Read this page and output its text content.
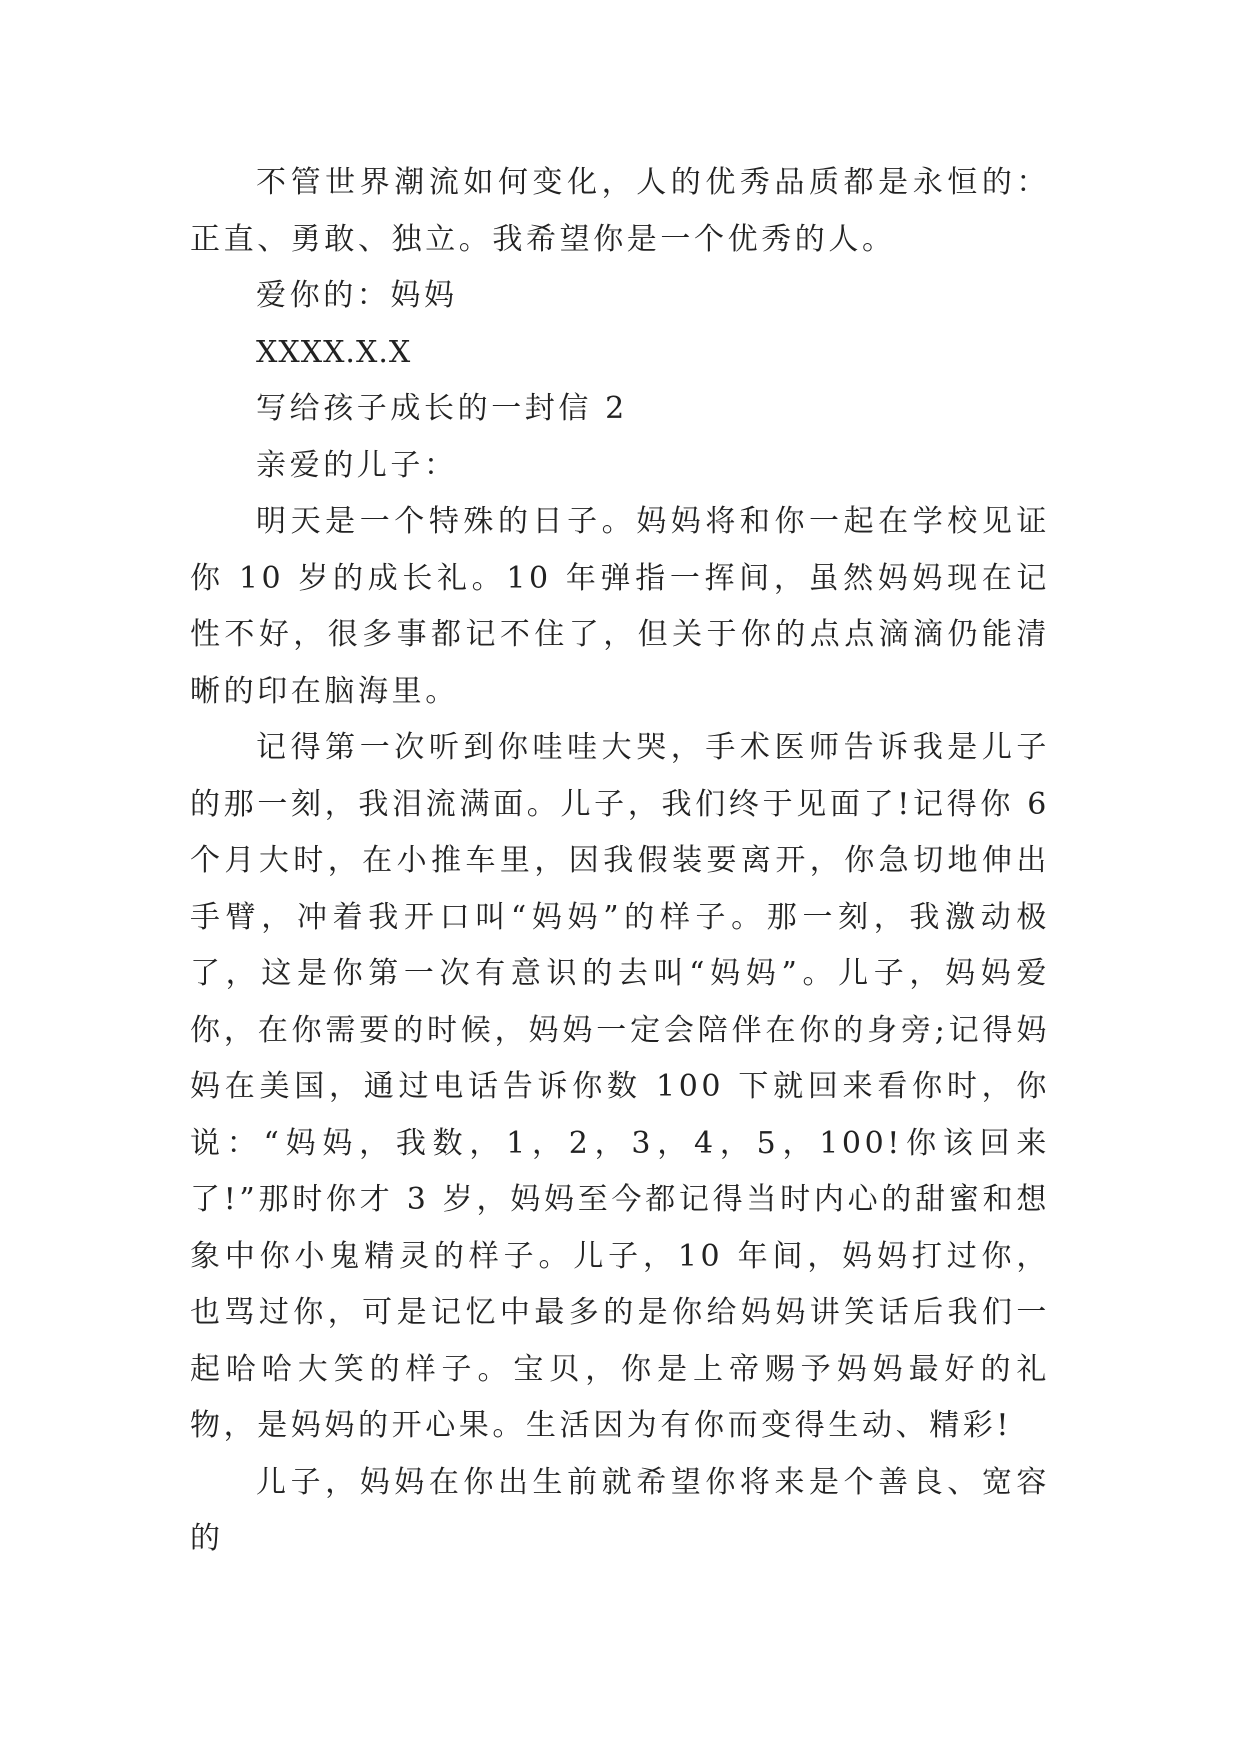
不管世界潮流如何变化，人的优秀品质都是永恒的：正直、勇敢、独立。我希望你是一个优秀的人。

爱你的：妈妈

XXXX.X.X

写给孩子成长的一封信 2

亲爱的儿子：

明天是一个特殊的日子。妈妈将和你一起在学校见证你 10 岁的成长礼。10 年弹指一挥间，虽然妈妈现在记性不好，很多事都记不住了，但关于你的点点滴滴仍能清晰的印在脑海里。

记得第一次听到你哇哇大哭，手术医师告诉我是儿子的那一刻，我泪流满面。儿子，我们终于见面了!记得你 6 个月大时，在小推车里，因我假装要离开，你急切地伸出手臂，冲着我开口叫“妈妈”的样子。那一刻，我激动极了，这是你第一次有意识的去叫“妈妈”。儿子，妈妈爱你，在你需要的时候，妈妈一定会陪伴在你的身旁;记得妈妈在美国，通过电话告诉你数 100 下就回来看你时，你说：“妈妈，我数，1，2，3，4，5，100!你该回来了!”那时你才 3 岁，妈妈至今都记得当时内心的甜蜜和想象中你小鬼精灵的样子。儿子，10 年间，妈妈打过你，也骂过你，可是记忆中最多的是你给妈妈讲笑话后我们一起哈哈大笑的样子。宝贝，你是上帝赐予妈妈最好的礼物，是妈妈的开心果。生活因为有你而变得生动、精彩!

儿子，妈妈在你出生前就希望你将来是个善良、宽容的
